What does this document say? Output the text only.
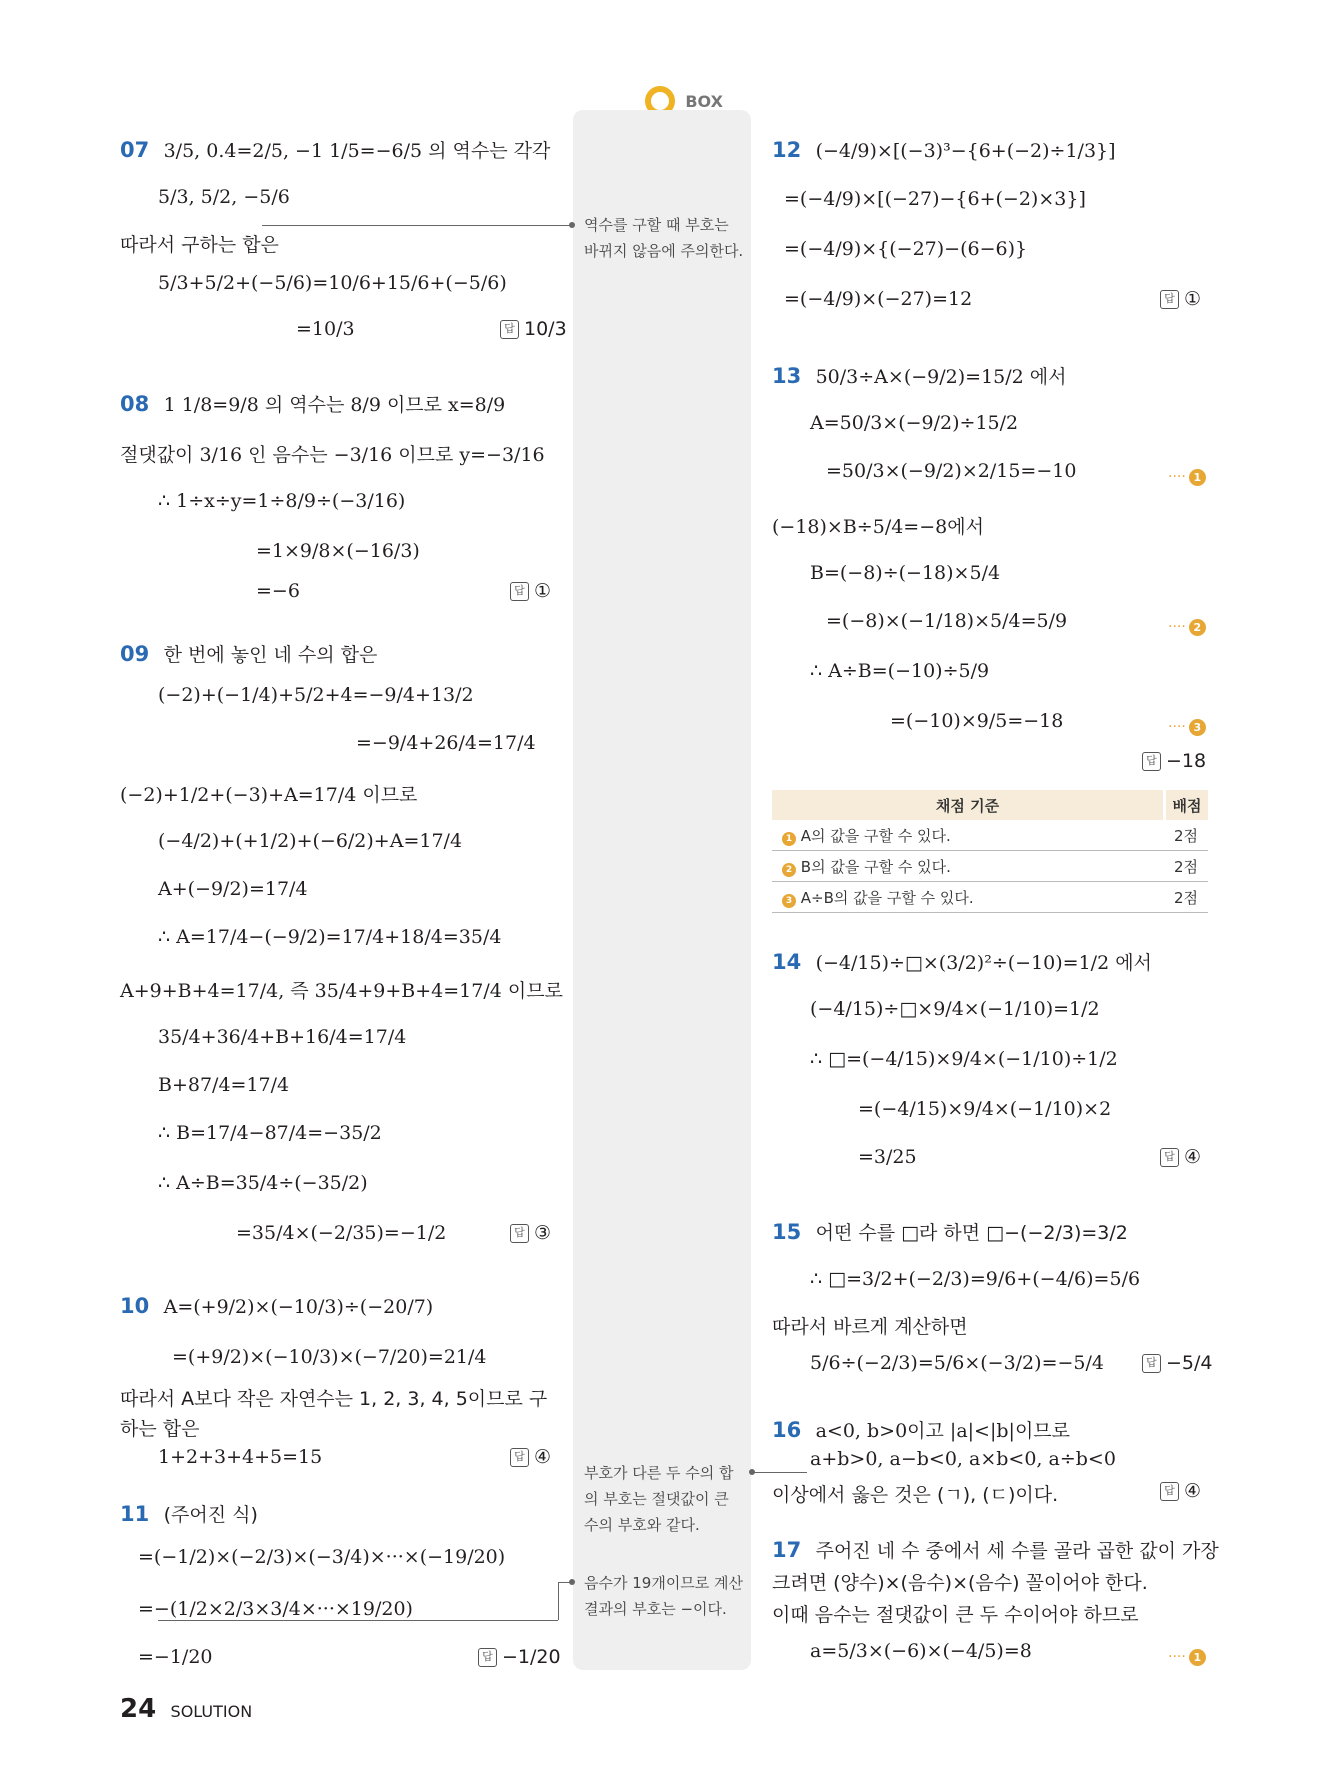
BOX
역수를 구할 때 부호는 바뀌지 않음에 주의한다.
부호가 다른 두 수의 합의 부호는 절댓값이 큰 수의 부호와 같다.
음수가 19개이므로 계산 결과의 부호는 −이다.
07 3/5, 0.4=2/5, −1 1/5=−6/5 의 역수는 각각
5/3, 5/2, −5/6
따라서 구하는 합은
5/3+5/2+(−5/6)=10/6+15/6+(−5/6)
=10/3	답 10/3
08 1 1/8=9/8 의 역수는 8/9 이므로 x=8/9
절댓값이 3/16 인 음수는 −3/16 이므로 y=−3/16
∴ 1÷x÷y=1÷8/9÷(−3/16)
=1×9/8×(−16/3)
=−6	답 ①
09 한 번에 놓인 네 수의 합은
(−2)+(−1/4)+5/2+4=−9/4+13/2
=−9/4+26/4=17/4
(−2)+1/2+(−3)+A=17/4 이므로
(−4/2)+(+1/2)+(−6/2)+A=17/4
A+(−9/2)=17/4
∴ A=17/4−(−9/2)=17/4+18/4=35/4
A+9+B+4=17/4, 즉 35/4+9+B+4=17/4 이므로
35/4+36/4+B+16/4=17/4
B+87/4=17/4
∴ B=17/4−87/4=−35/2
∴ A÷B=35/4÷(−35/2)
=35/4×(−2/35)=−1/2	답 ③
10 A=(+9/2)×(−10/3)÷(−20/7)
=(+9/2)×(−10/3)×(−7/20)=21/4
따라서 A보다 작은 자연수는 1, 2, 3, 4, 5이므로 구
하는 합은
1+2+3+4+5=15	답 ④
11 (주어진 식)
=(−1/2)×(−2/3)×(−3/4)×···×(−19/20)
=−(1/2×2/3×3/4×···×19/20)
=−1/20	답 −1/20
12 (−4/9)×[(−3)³−{6+(−2)÷1/3}]
=(−4/9)×[(−27)−{6+(−2)×3}]
=(−4/9)×{(−27)−(6−6)}
=(−4/9)×(−27)=12	답 ①
13 50/3÷A×(−9/2)=15/2 에서
A=50/3×(−9/2)÷15/2
=50/3×(−9/2)×2/15=−10	···· 1
(−18)×B÷5/4=−8에서
B=(−8)÷(−18)×5/4
=(−8)×(−1/18)×5/4=5/9	···· 2
∴ A÷B=(−10)÷5/9
=(−10)×9/5=−18	···· 3
답 −18
채점 기준	배점
1 A의 값을 구할 수 있다.	2점
2 B의 값을 구할 수 있다.	2점
3 A÷B의 값을 구할 수 있다.	2점
14 (−4/15)÷□×(3/2)²÷(−10)=1/2 에서
(−4/15)÷□×9/4×(−1/10)=1/2
∴ □=(−4/15)×9/4×(−1/10)÷1/2
=(−4/15)×9/4×(−1/10)×2
=3/25	답 ④
15 어떤 수를 □라 하면 □−(−2/3)=3/2
∴ □=3/2+(−2/3)=9/6+(−4/6)=5/6
따라서 바르게 계산하면
5/6÷(−2/3)=5/6×(−3/2)=−5/4	답 −5/4
16 a<0, b>0이고 |a|<|b|이므로
a+b>0, a−b<0, a×b<0, a÷b<0
이상에서 옳은 것은 (ㄱ), (ㄷ)이다.	답 ④
17 주어진 네 수 중에서 세 수를 골라 곱한 값이 가장
크려면 (양수)×(음수)×(음수) 꼴이어야 한다.
이때 음수는 절댓값이 큰 두 수이어야 하므로
a=5/3×(−6)×(−4/5)=8	···· 1
24 SOLUTION
